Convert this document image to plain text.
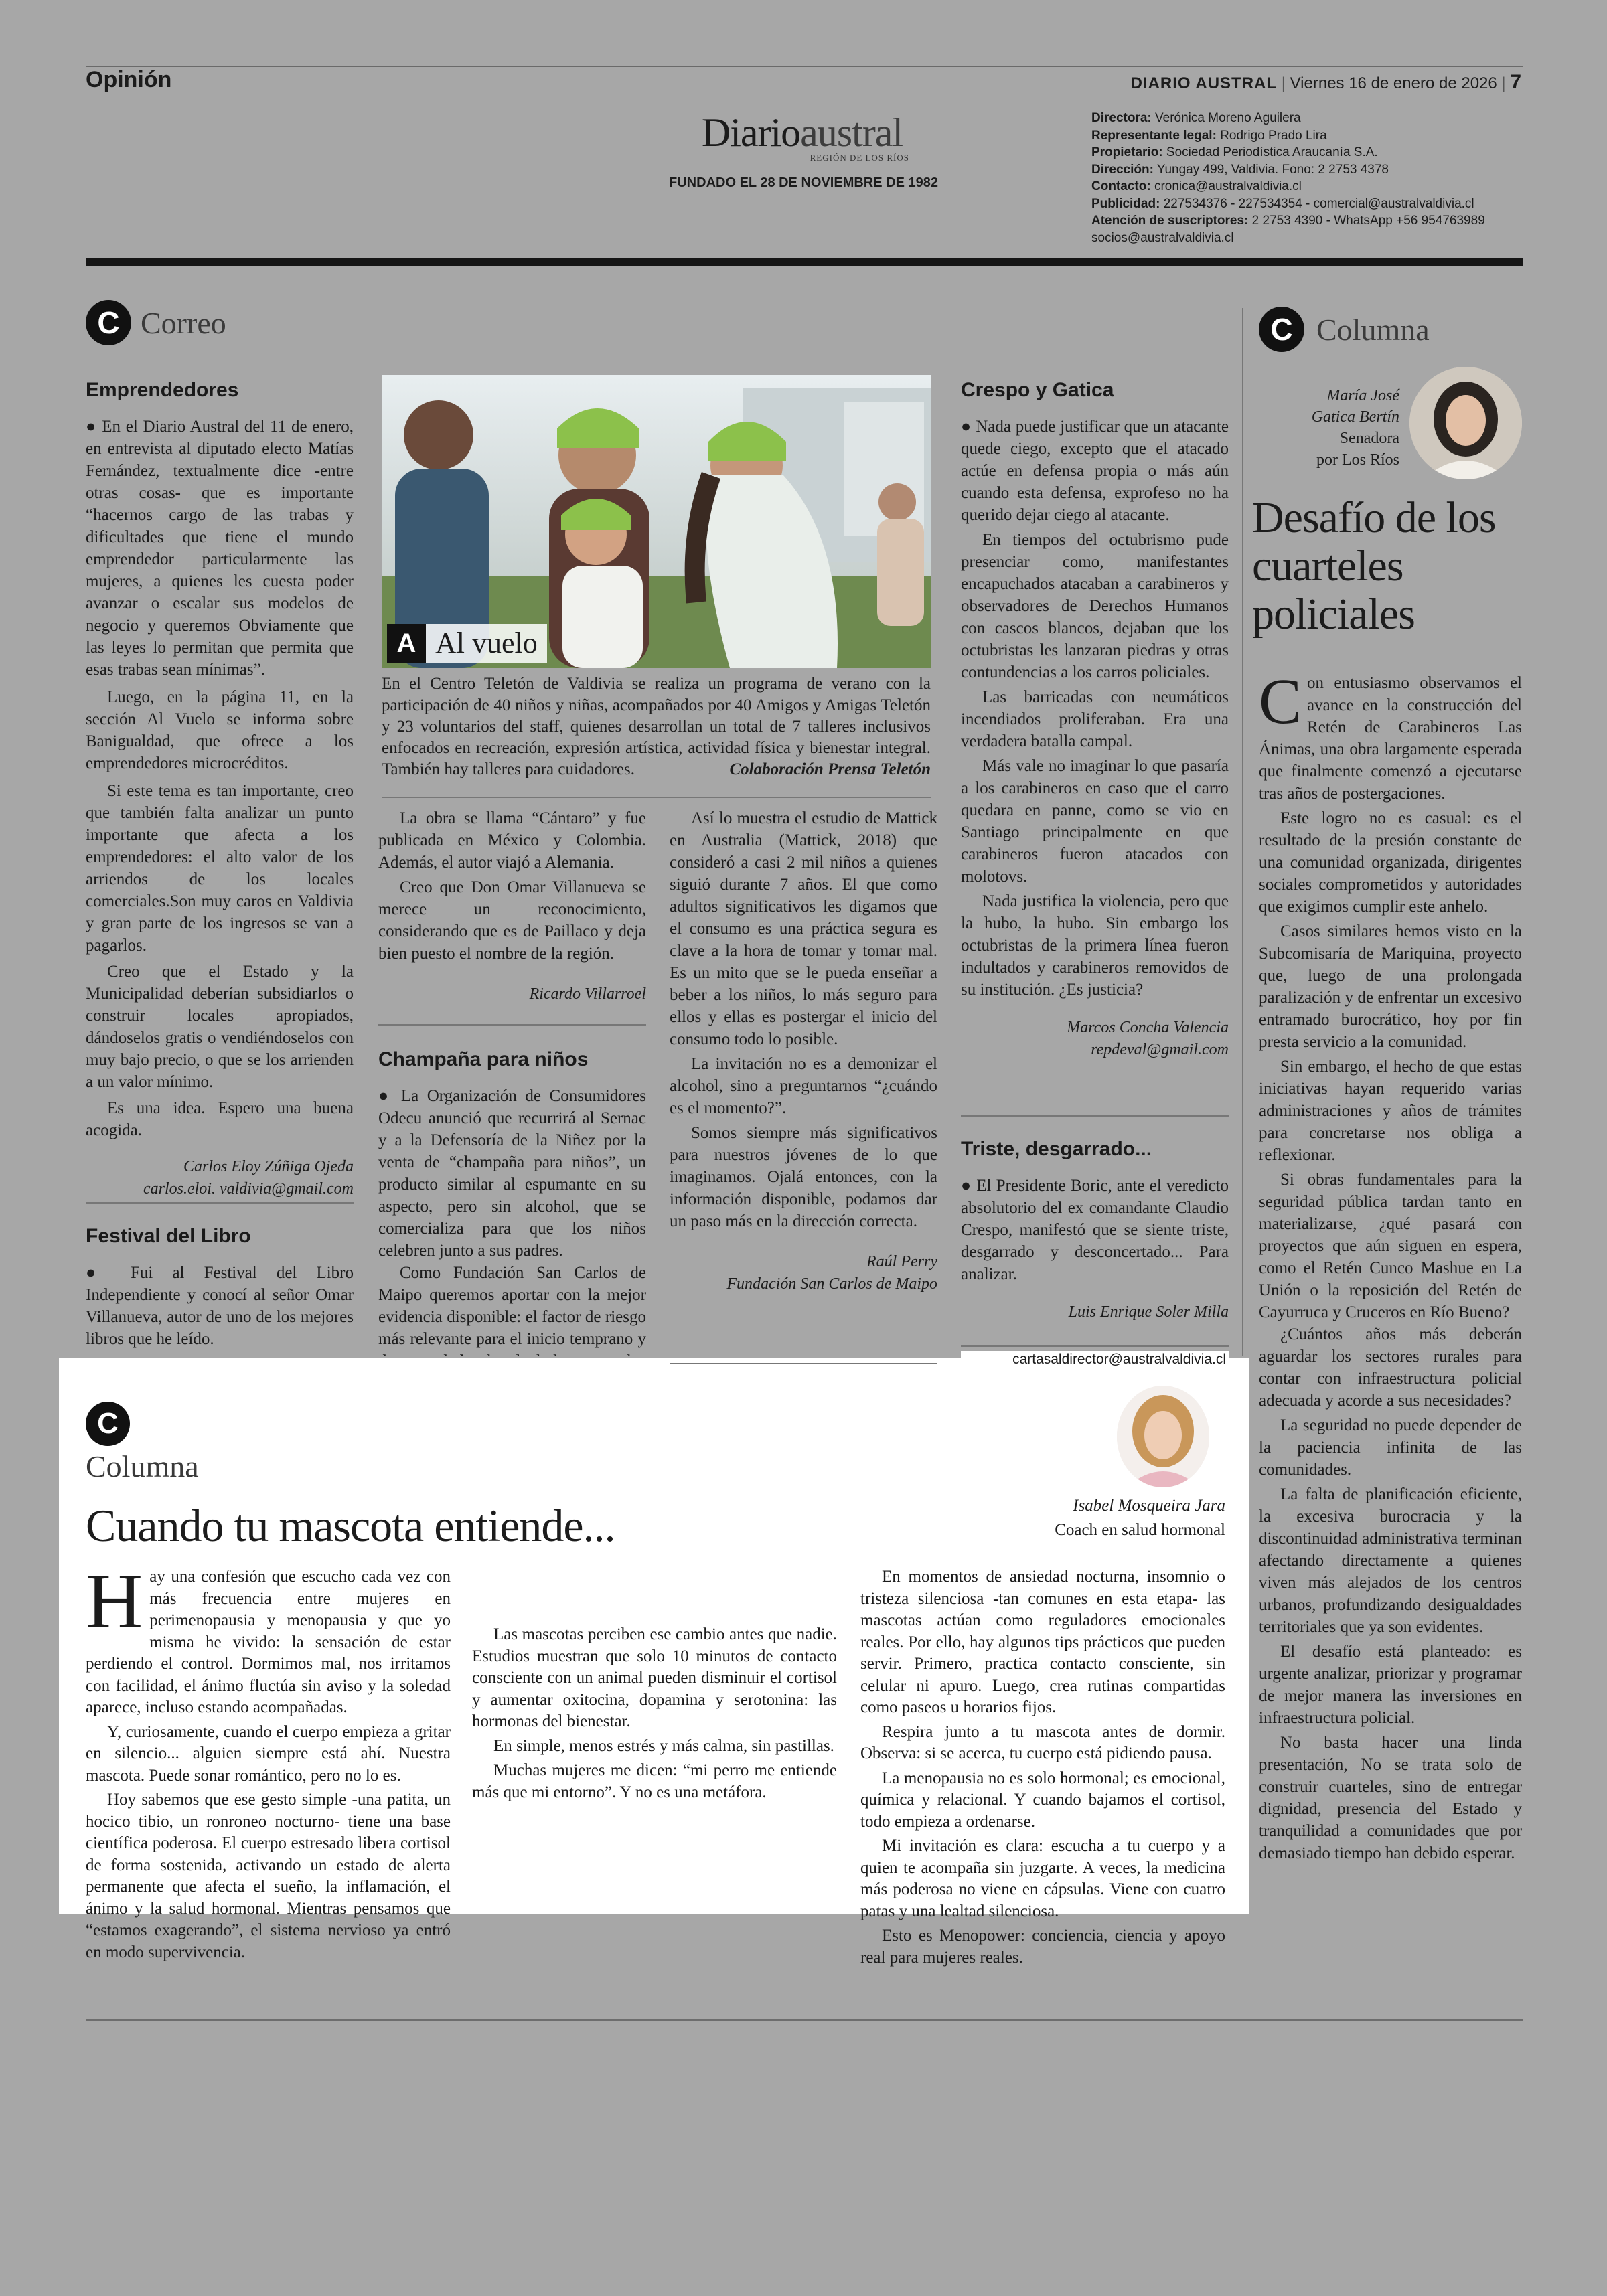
Opinión	DIARIO AUSTRAL | Viernes 16 de enero de 2026 | 7
Diarioaustral
REGIÓN DE LOS RÍOS
FUNDADO EL 28 DE NOVIEMBRE DE 1982
Directora: Verónica Moreno Aguilera
Representante legal: Rodrigo Prado Lira
Propietario: Sociedad Periodística Araucanía S.A.
Dirección: Yungay 499, Valdivia. Fono: 2 2753 4378
Contacto: cronica@australvaldivia.cl
Publicidad: 227534376 - 227534354 - comercial@australvaldivia.cl
Atención de suscriptores: 2 2753 4390 - WhatsApp +56 954763989
socios@australvaldivia.cl
C Correo
Emprendedores

● En el Diario Austral del 11 de enero, en entrevista al diputado electo Matías Fernández, textualmente dice -entre otras cosas- que es importante “hacernos cargo de las trabas y dificultades que tiene el mundo emprendedor particularmente las mujeres, a quienes les cuesta poder avanzar o escalar sus modelos de negocio y queremos Obviamente que las leyes lo permitan que permita que esas trabas sean mínimas”.

Luego, en la página 11, en la sección Al Vuelo se informa sobre Banigualdad, que ofrece a los emprendedores microcréditos.

Si este tema es tan importante, creo que también falta analizar un punto importante que afecta a los emprendedores: el alto valor de los arriendos de los locales comerciales.Son muy caros en Valdivia y gran parte de los ingresos se van a pagarlos.

Creo que el Estado y la Municipalidad deberían subsidiarlos o construir locales apropiados, dándoselos gratis o vendiéndoselos con muy bajo precio, o que se los arrienden a un valor mínimo.

Es una idea. Espero una buena acogida.

Carlos Eloy Zúñiga Ojeda
carlos.eloi. valdivia@gmail.com
Festival del Libro

● Fui al Festival del Libro Independiente y conocí al señor Omar Villanueva, autor de uno de los mejores libros que he leído.

A Al vuelo
En el Centro Teletón de Valdivia se realiza un programa de verano con la participación de 40 niños y niñas, acompañados por 40 Amigos y Amigas Teletón y 23 voluntarios del staff, quienes desarrollan un total de 7 talleres inclusivos enfocados en recreación, expresión artística, actividad física y bienestar integral. También hay talleres para cuidadores.	Colaboración Prensa Teletón

La obra se llama “Cántaro” y fue publicada en México y Colombia. Además, el autor viajó a Alemania.

Creo que Don Omar Villanueva se merece un reconocimiento, considerando que es de Paillaco y deja bien puesto el nombre de la región.

Ricardo Villarroel
Champaña para niños

● La Organización de Consumidores Odecu anunció que recurrirá al Sernac y a la Defensoría de la Niñez por la venta de “champaña para niños”, un producto similar al espumante en su aspecto, pero sin alcohol, que se comercializa para que los niños celebren junto a sus padres.

Como Fundación San Carlos de Maipo queremos aportar con la mejor evidencia disponible: el factor de riesgo más relevante para el inicio temprano y

Así lo muestra el estudio de Mattick en Australia (Mattick, 2018) que consideró a casi 2 mil niños a quienes siguió durante 7 años. El que como adultos significativos les digamos que el consumo es una práctica segura es clave a la hora de tomar y tomar mal. Es un mito que se le pueda enseñar a beber a los niños, lo más seguro para ellos y ellas es postergar el inicio del consumo todo lo posible.

La invitación no es a demonizar el alcohol, sino a preguntarnos “¿cuándo es el momento?”.

Somos siempre más significativos para nuestros jóvenes de lo que imaginamos. Ojalá entonces, con la información disponible, podamos dar un paso más en la dirección correcta.

Raúl Perry
Fundación San Carlos de Maipo
Crespo y Gatica

● Nada puede justificar que un atacante quede ciego, excepto que el atacado actúe en defensa propia o más aún cuando esta defensa, exprofeso no ha querido dejar ciego al atacante.

En tiempos del octubrismo pude presenciar como, manifestantes encapuchados atacaban a carabineros y observadores de Derechos Humanos con cascos blancos, dejaban que los octubristas les lanzaran piedras y otras contundencias a los carros policiales.

Las barricadas con neumáticos incendiados proliferaban. Era una verdadera batalla campal.

Más vale no imaginar lo que pasaría a los carabineros en caso que el carro quedara en panne, como se vio en Santiago principalmente en que carabineros fueron atacados con molotovs.

Nada justifica la violencia, pero que la hubo, la hubo. Sin embargo los octubristas de la primera línea fueron indultados y carabineros removidos de su institución. ¿Es justicia?

Marcos Concha Valencia
repdeval@gmail.com
Triste, desgarrado...

● El Presidente Boric, ante el veredicto absolutorio del ex comandante Claudio Crespo, manifestó que se siente triste, desgarrado y desconcertado... Para analizar.

Luis Enrique Soler Milla
C Columna
María José
Gatica Bertín
Senadora
por Los Ríos
Desafío de los cuarteles policiales

Con entusiasmo observamos el avance en la construcción del Retén de Carabineros Las Ánimas, una obra largamente esperada que finalmente comenzó a ejecutarse tras años de postergaciones.

Este logro no es casual: es el resultado de la presión constante de una comunidad organizada, dirigentes sociales comprometidos y autoridades que exigimos cumplir este anhelo.

Casos similares hemos visto en la Subcomisaría de Mariquina, proyecto que, luego de una prolongada paralización y de enfrentar un excesivo entramado burocrático, hoy por fin presta servicio a la comunidad.

Sin embargo, el hecho de que estas iniciativas hayan requerido varias administraciones y años de trámites para concretarse nos obliga a reflexionar.

Si obras fundamentales para la seguridad pública tardan tanto en materializarse, ¿qué pasará con proyectos que aún siguen en espera, como el Retén Cunco Mashue en La Unión o la reposición del Retén de Cayurruca y Cruceros en Río Bueno?

¿Cuántos años más deberán aguardar los sectores rurales para contar con infraestructura policial adecuada y acorde a sus necesidades?

La seguridad no puede depender de la paciencia infinita de las comunidades.

La falta de planificación eficiente, la excesiva burocracia y la discontinuidad administrativa terminan afectando directamente a quienes viven más alejados de los centros urbanos, profundizando desigualdades territoriales que ya son evidentes.

El desafío está planteado: es urgente analizar, priorizar y programar de mejor manera las inversiones en infraestructura policial.

No basta hacer una linda presentación, No se trata solo de construir cuarteles, sino de entregar dignidad, presencia del Estado y tranquilidad a comunidades que por demasiado tiempo han debido esperar.

cartasaldirector@australvaldivia.cl
C
Columna
Cuando tu mascota entiende...	Isabel Mosqueira Jara
Coach en salud hormonal

Hay una confesión que escucho cada vez con más frecuencia entre mujeres en perimenopausia y menopausia y que yo misma he vivido: la sensación de estar perdiendo el control. Dormimos mal, nos irritamos con facilidad, el ánimo fluctúa sin aviso y la soledad aparece, incluso estando acompañadas.

Y, curiosamente, cuando el cuerpo empieza a gritar en silencio... alguien siempre está ahí. Nuestra mascota. Puede sonar romántico, pero no lo es.

Hoy sabemos que ese gesto simple -una patita, un hocico tibio, un ronroneo nocturno- tiene una base científica poderosa. El cuerpo estresado libera cortisol de forma sostenida, activando un estado de alerta permanente que afecta el sueño, la inflamación, el ánimo y la salud hormonal. Mientras pensamos que “estamos exagerando”, el sistema nervioso ya entró en modo supervivencia.

Las mascotas perciben ese cambio antes que nadie. Estudios muestran que solo 10 minutos de contacto consciente con un animal pueden disminuir el cortisol y aumentar oxitocina, dopamina y serotonina: las hormonas del bienestar.

En simple, menos estrés y más calma, sin pastillas.

Muchas mujeres me dicen: “mi perro me entiende más que mi entorno”. Y no es una metáfora.

En momentos de ansiedad nocturna, insomnio o tristeza silenciosa -tan comunes en esta etapa- las mascotas actúan como reguladores emocionales reales. Por ello, hay algunos tips prácticos que pueden servir. Primero, practica contacto consciente, sin celular ni apuro. Luego, crea rutinas compartidas como paseos u horarios fijos.

Respira junto a tu mascota antes de dormir. Observa: si se acerca, tu cuerpo está pidiendo pausa.

La menopausia no es solo hormonal; es emocional, química y relacional. Y cuando bajamos el cortisol, todo empieza a ordenarse.

Mi invitación es clara: escucha a tu cuerpo y a quien te acompaña sin juzgarte. A veces, la medicina más poderosa no viene en cápsulas. Viene con cuatro patas y una lealtad silenciosa.

Esto es Menopower: conciencia, ciencia y apoyo real para mujeres reales.
